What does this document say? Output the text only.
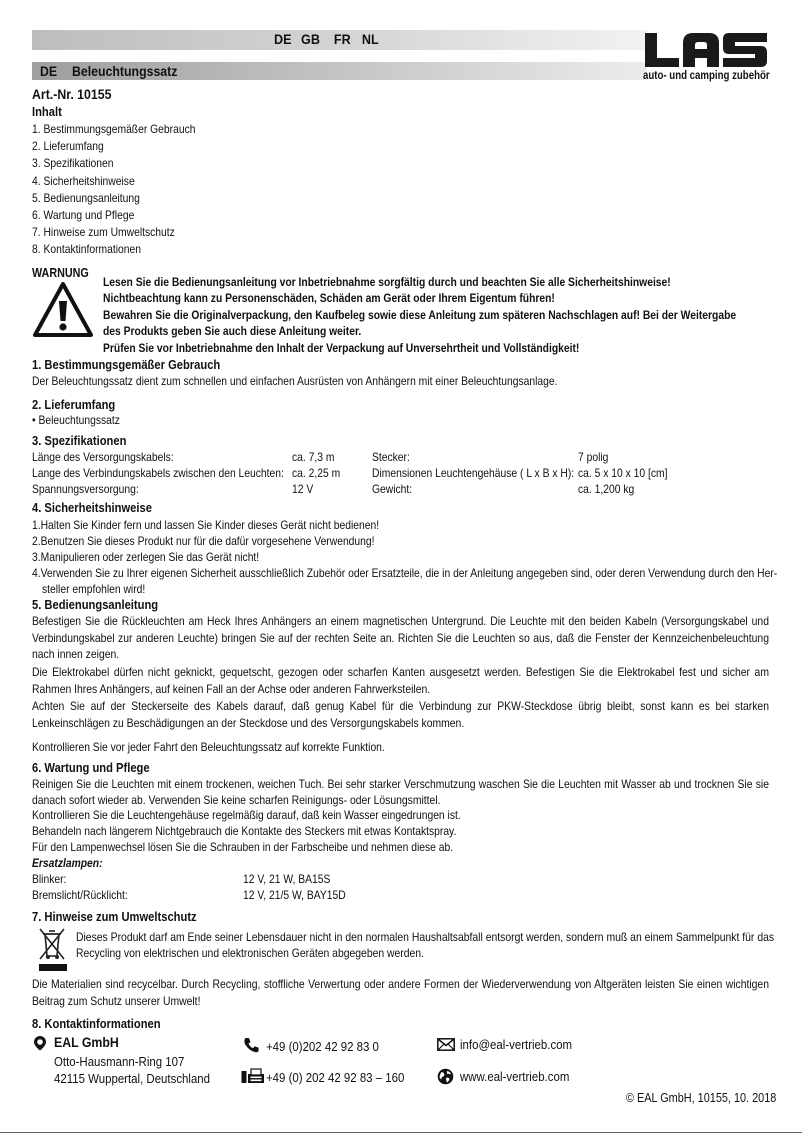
DE GB FR NL
DE Beleuchtungssatz	auto- und camping zubehör
Art.-Nr. 10155
Inhalt
1. Bestimmungsgemäßer Gebrauch
2. Lieferumfang
3. Spezifikationen
4. Sicherheitshinweise
5. Bedienungsanleitung
6. Wartung und Pflege
7. Hinweise zum Umweltschutz
8. Kontaktinformationen
WARNUNG
Lesen Sie die Bedienungsanleitung vor Inbetriebnahme sorgfältig durch und beachten Sie alle Sicherheitshinweise!
Nichtbeachtung kann zu Personenschäden, Schäden am Gerät oder Ihrem Eigentum führen!
Bewahren Sie die Originalverpackung, den Kaufbeleg sowie diese Anleitung zum späteren Nachschlagen auf! Bei der Weitergabe
des Produkts geben Sie auch diese Anleitung weiter.
Prüfen Sie vor Inbetriebnahme den Inhalt der Verpackung auf Unversehrtheit und Vollständigkeit!
1. Bestimmungsgemäßer Gebrauch
Der Beleuchtungssatz dient zum schnellen und einfachen Ausrüsten von Anhängern mit einer Beleuchtungsanlage.
2. Lieferumfang
• Beleuchtungssatz
3. Spezifikationen
Länge des Versorgungskabels:	ca. 7,3 m	Stecker:	7 polig
Lange des Verbindungskabels zwischen den Leuchten: ca. 2,25 m	Dimensionen Leuchtengehäuse ( L x B x H): ca. 5 x 10 x 10 [cm]
Spannungsversorgung:	12 V	Gewicht:	ca. 1,200 kg
4. Sicherheitshinweise
1.Halten Sie Kinder fern und lassen Sie Kinder dieses Gerät nicht bedienen!
2.Benutzen Sie dieses Produkt nur für die dafür vorgesehene Verwendung!
3.Manipulieren oder zerlegen Sie das Gerät nicht!
4.Verwenden Sie zu Ihrer eigenen Sicherheit ausschließlich Zubehör oder Ersatzteile, die in der Anleitung angegeben sind, oder deren Verwendung durch den Her-
steller empfohlen wird!
5. Bedienungsanleitung
Befestigen Sie die Rückleuchten am Heck Ihres Anhängers an einem magnetischen Untergrund. Die Leuchte mit den beiden Kabeln (Versorgungskabel und Verbindungskabel zur anderen Leuchte) bringen Sie auf der rechten Seite an. Richten Sie die Leuchten so aus, daß die Fenster der Kennzeichenbeleuchtung nach innen zeigen.
Die Elektrokabel dürfen nicht geknickt, gequetscht, gezogen oder scharfen Kanten ausgesetzt werden. Befestigen Sie die Elektrokabel fest und sicher am Rahmen Ihres Anhängers, auf keinen Fall an der Achse oder anderen Fahrwerksteilen.
Achten Sie auf der Steckerseite des Kabels darauf, daß genug Kabel für die Verbindung zur PKW-Steckdose übrig bleibt, sonst kann es bei starken Lenkeinschlägen zu Beschädigungen an der Steckdose und des Versorgungskabels kommen.
Kontrollieren Sie vor jeder Fahrt den Beleuchtungssatz auf korrekte Funktion.
6. Wartung und Pflege
Reinigen Sie die Leuchten mit einem trockenen, weichen Tuch. Bei sehr starker Verschmutzung waschen Sie die Leuchten mit Wasser ab und trocknen Sie sie danach sofort wieder ab. Verwenden Sie keine scharfen Reinigungs- oder Lösungsmittel.
Kontrollieren Sie die Leuchtengehäuse regelmäßig darauf, daß kein Wasser eingedrungen ist.
Behandeln nach längerem Nichtgebrauch die Kontakte des Steckers mit etwas Kontaktspray.
Für den Lampenwechsel lösen Sie die Schrauben in der Farbscheibe und nehmen diese ab.
Ersatzlampen:
Blinker:	12 V, 21 W, BA15S
Bremslicht/Rücklicht:	12 V, 21/5 W, BAY15D
7. Hinweise zum Umweltschutz
Dieses Produkt darf am Ende seiner Lebensdauer nicht in den normalen Haushaltsabfall entsorgt werden, sondern muß an einem Sammelpunkt für das Recycling von elektrischen und elektronischen Geräten abgegeben werden.
Die Materialien sind recycelbar. Durch Recycling, stoffliche Verwertung oder andere Formen der Wiederverwendung von Altgeräten leisten Sie einen wichtigen Beitrag zum Schutz unserer Umwelt!
8. Kontaktinformationen
EAL GmbH
Otto-Hausmann-Ring 107
42115 Wuppertal, Deutschland
+49 (0)202 42 92 83 0
+49 (0) 202 42 92 83 – 160
info@eal-vertrieb.com
www.eal-vertrieb.com
© EAL GmbH, 10155, 10. 2018
